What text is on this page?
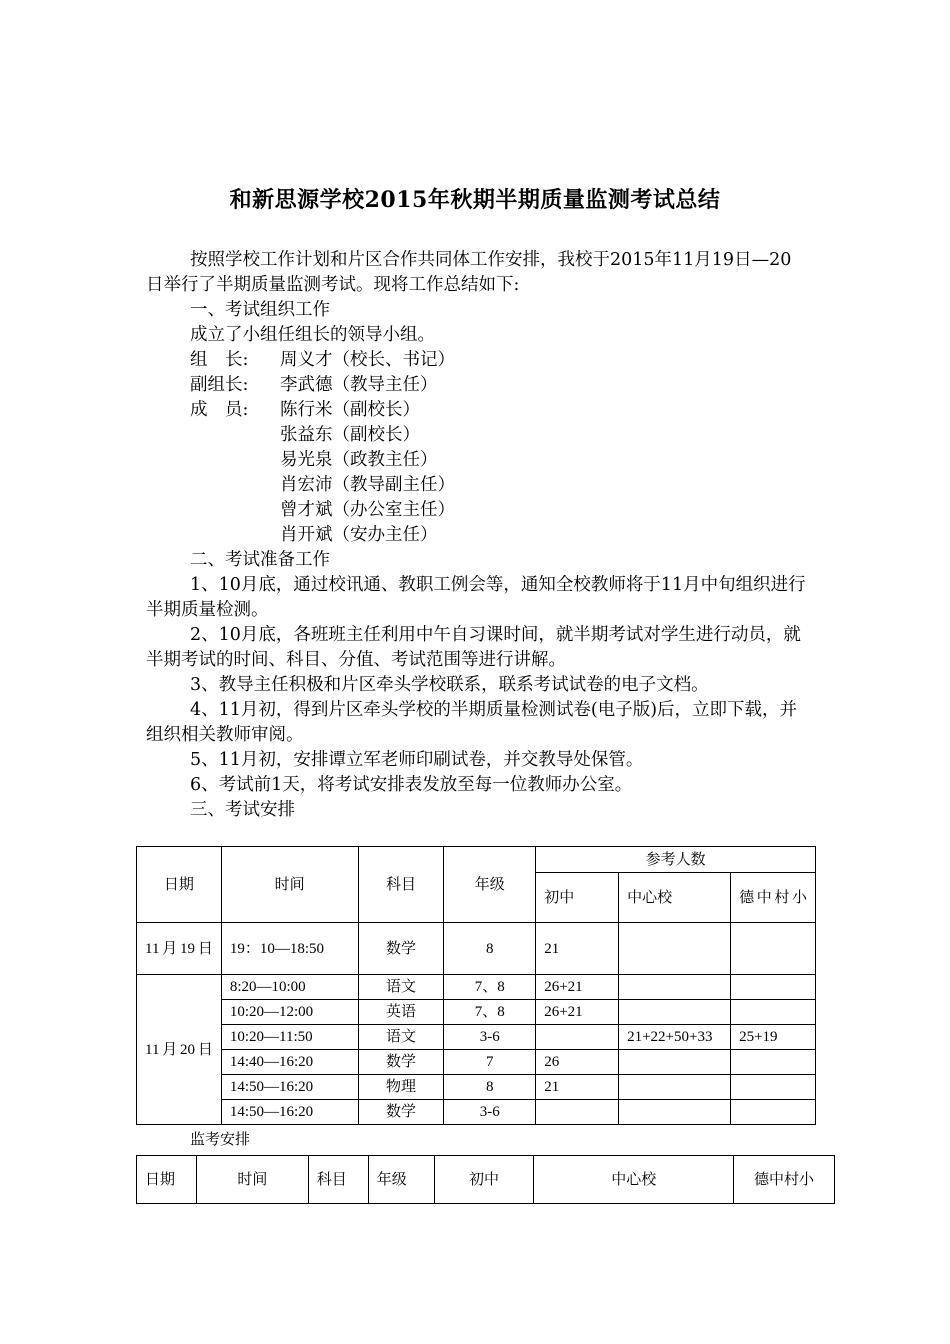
和新思源学校2015年秋期半期质量监测考试总结

按照学校工作计划和片区合作共同体工作安排，我校于2015年11月19日—20日举行了半期质量监测考试。现将工作总结如下:

一、考试组织工作

成立了小组任组长的领导小组。

组　长:	周义才（校长、书记）
副组长:	李武德（教导主任）
成　员:	陈行米（副校长）
张益东（副校长）
易光泉（政教主任）
肖宏沛（教导副主任）
曾才斌（办公室主任）
肖开斌（安办主任）

二、考试准备工作

1、10月底，通过校讯通、教职工例会等，通知全校教师将于11月中旬组织进行半期质量检测。

2、10月底，各班班主任利用中午自习课时间，就半期考试对学生进行动员，就半期考试的时间、科目、分值、考试范围等进行讲解。

3、教导主任积极和片区牵头学校联系，联系考试试卷的电子文档。

4、11月初，得到片区牵头学校的半期质量检测试卷(电子版)后，立即下载，并组织相关教师审阅。

5、11月初，安排谭立军老师印刷试卷，并交教导处保管。

6、考试前1天，将考试安排表发放至每一位教师办公室。

三、考试安排

日期	时间	科目	年级	参考人数		
				初中	中心校	德中村小
11月19日	19：10—18:50	数学	8	21		
11月20日	8:20—10:00	语文	7、8	26+21		
	10:20—12:00	英语	7、8	26+21		
	10:20—11:50	语文	3-6		21+22+50+33	25+19
	14:40—16:20	数学	7	26		
	14:50—16:20	物理	8	21		
	14:50—16:20	数学	3-6			
监考安排
日期	时间	科目	年级	初中	中心校	德中村小
